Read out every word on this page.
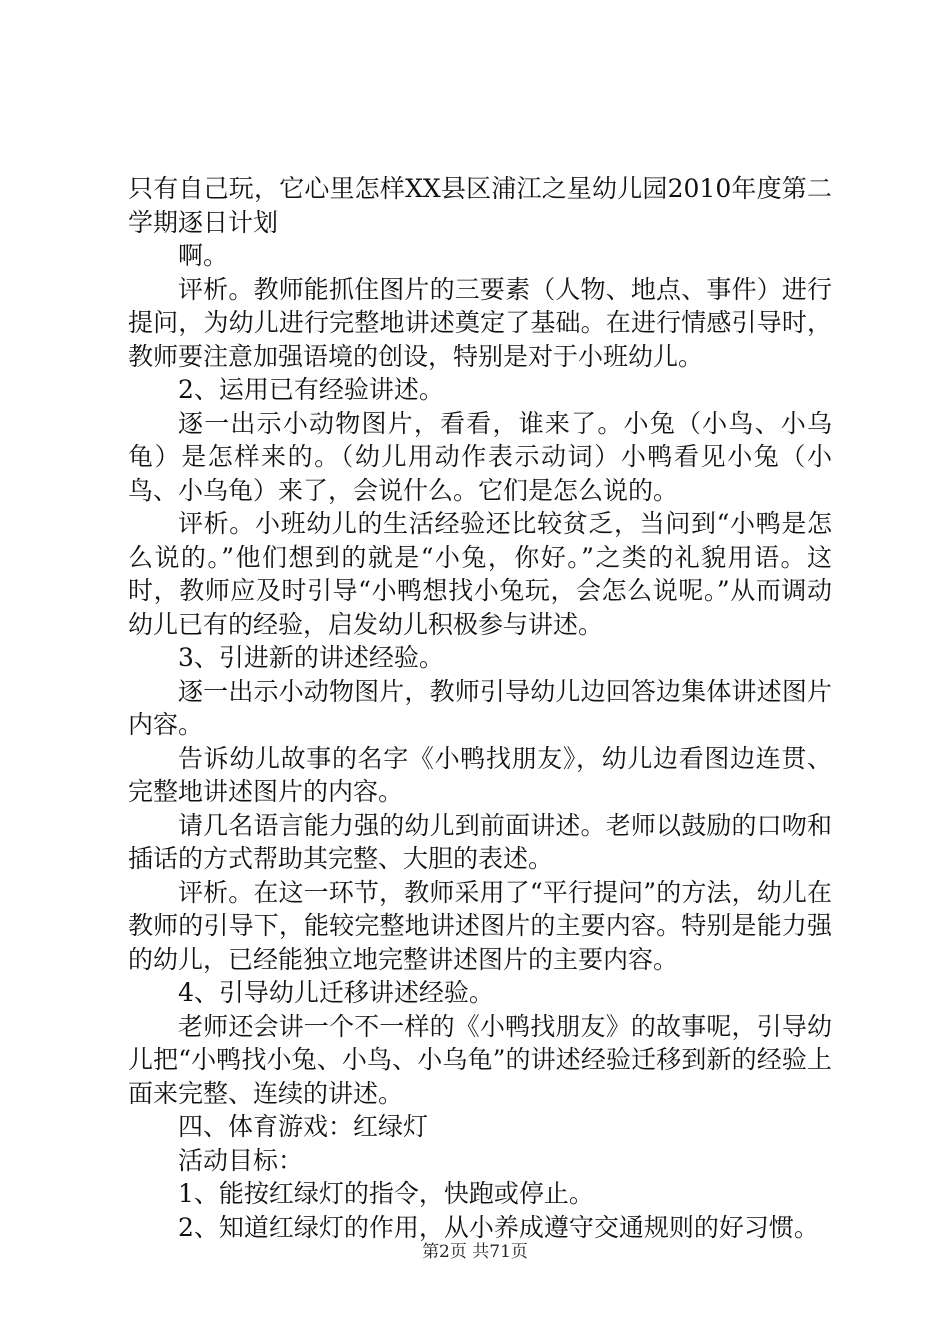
只有自己玩，它心里怎样XX县区浦江之星幼儿园2010年度第二学期逐日计划

啊。

评析。教师能抓住图片的三要素（人物、地点、事件）进行提问，为幼儿进行完整地讲述奠定了基础。在进行情感引导时，教师要注意加强语境的创设，特别是对于小班幼儿。

2、运用已有经验讲述。

逐一出示小动物图片，看看，谁来了。小兔（小鸟、小乌龟）是怎样来的。（幼儿用动作表示动词）小鸭看见小兔（小鸟、小乌龟）来了，会说什么。它们是怎么说的。

评析。小班幼儿的生活经验还比较贫乏，当问到“小鸭是怎么说的。”他们想到的就是“小兔，你好。”之类的礼貌用语。这时，教师应及时引导“小鸭想找小兔玩，会怎么说呢。”从而调动幼儿已有的经验，启发幼儿积极参与讲述。

3、引进新的讲述经验。

逐一出示小动物图片，教师引导幼儿边回答边集体讲述图片内容。

告诉幼儿故事的名字《小鸭找朋友》，幼儿边看图边连贯、完整地讲述图片的内容。

请几名语言能力强的幼儿到前面讲述。老师以鼓励的口吻和插话的方式帮助其完整、大胆的表述。

评析。在这一环节，教师采用了“平行提问”的方法，幼儿在教师的引导下，能较完整地讲述图片的主要内容。特别是能力强的幼儿，已经能独立地完整讲述图片的主要内容。

4、引导幼儿迁移讲述经验。

老师还会讲一个不一样的《小鸭找朋友》的故事呢，引导幼儿把“小鸭找小兔、小鸟、小乌龟”的讲述经验迁移到新的经验上面来完整、连续的讲述。

四、体育游戏：红绿灯

活动目标：

1、能按红绿灯的指令，快跑或停止。

2、知道红绿灯的作用，从小养成遵守交通规则的好习惯。

第2页 共71页
